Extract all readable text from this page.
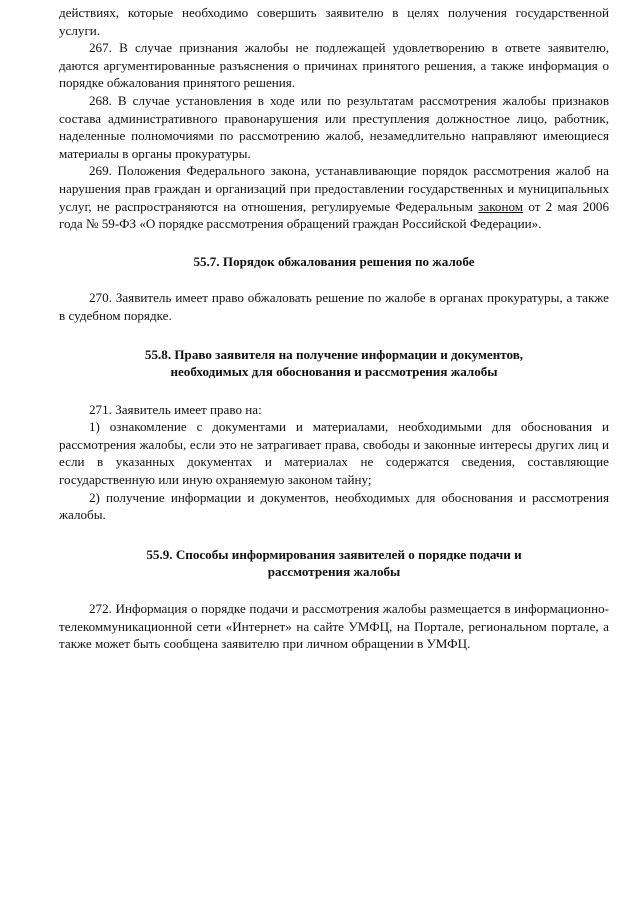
действиях, которые необходимо совершить заявителю в целях получения государственной услуги.

267. В случае признания жалобы не подлежащей удовлетворению в ответе заявителю, даются аргументированные разъяснения о причинах принятого решения, а также информация о порядке обжалования принятого решения.

268. В случае установления в ходе или по результатам рассмотрения жалобы признаков состава административного правонарушения или преступления должностное лицо, работник, наделенные полномочиями по рассмотрению жалоб, незамедлительно направляют имеющиеся материалы в органы прокуратуры.

269. Положения Федерального закона, устанавливающие порядок рассмотрения жалоб на нарушения прав граждан и организаций при предоставлении государственных и муниципальных услуг, не распространяются на отношения, регулируемые Федеральным законом от 2 мая 2006 года № 59-ФЗ «О порядке рассмотрения обращений граждан Российской Федерации».

55.7. Порядок обжалования решения по жалобе

270. Заявитель имеет право обжаловать решение по жалобе в органах прокуратуры, а также в судебном порядке.

55.8. Право заявителя на получение информации и документов,
необходимых для обоснования и рассмотрения жалобы

271. Заявитель имеет право на:

1) ознакомление с документами и материалами, необходимыми для обоснования и рассмотрения жалобы, если это не затрагивает права, свободы и законные интересы других лиц и если в указанных документах и материалах не содержатся сведения, составляющие государственную или иную охраняемую законом тайну;

2) получение информации и документов, необходимых для обоснования и рассмотрения жалобы.

55.9. Способы информирования заявителей о порядке подачи и
рассмотрения жалобы

272. Информация о порядке подачи и рассмотрения жалобы размещается в информационно-телекоммуникационной сети «Интернет» на сайте УМФЦ, на Портале, региональном портале, а также может быть сообщена заявителю при личном обращении в УМФЦ.
